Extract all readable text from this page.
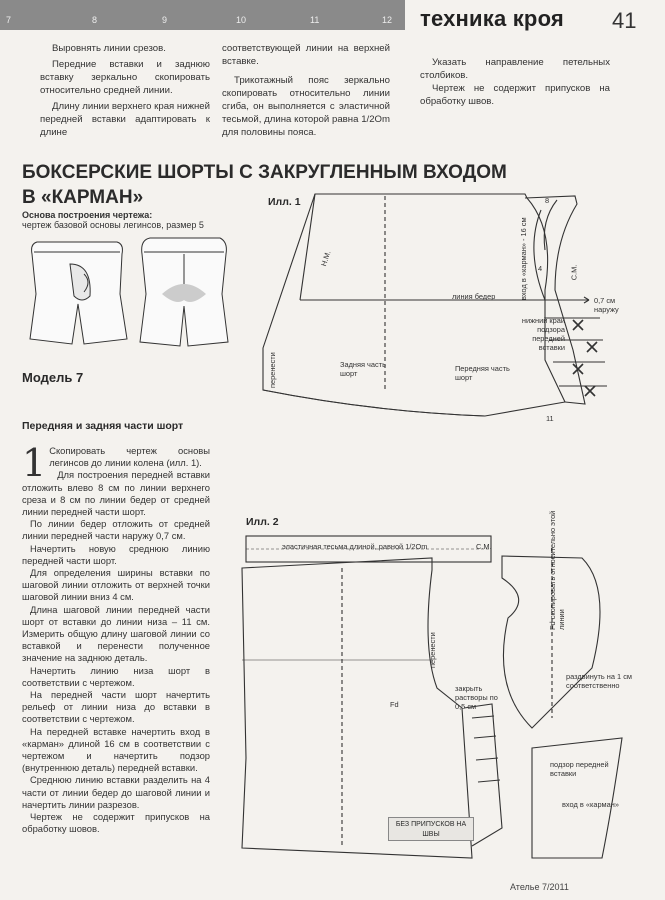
7	8	9	10	11	12 техника кроя 41

Выровнять линии срезов.

Передние вставки и заднюю вставку зеркально скопировать относительно средней линии.

Длину линии верхнего края нижней передней вставки адаптировать к длине

соответствующей линии на верхней вставке.

Трикотажный пояс зеркально скопировать относительно линии сгиба, он выполняется с эластичной тесьмой, длина которой равна 1/2Оm для половины пояса.

Указать направление петельных столбиков.

Чертеж не содержит припусков на обработку швов.

БОКСЕРСКИЕ ШОРТЫ С ЗАКРУГЛЕННЫМ ВХОДОМ
В «КАРМАН»
Основа построения чертежа:
чертеж базовой основы легинсов, размер 5
Модель 7
Передняя и задняя части шорт
1 Скопировать чертеж основы легинсов до линии колена (илл. 1).

Для построения передней вставки отложить влево 8 см по линии верхнего среза и 8 см по линии бедер от средней линии передней части шорт.

По линии бедер отложить от средней линии передней части наружу 0,7 см.

Начертить новую среднюю линию передней части шорт.

Для определения ширины вставки по шаговой линии отложить от верхней точки шаговой линии вниз 4 см.

Длина шаговой линии передней части шорт от вставки до линии низа – 11 см. Измерить общую длину шаговой линии со вставкой и перенести полученное значение на заднюю деталь.

Начертить линию низа шорт в соответствии с чертежом.

На передней части шорт начертить рельеф от линии низа до вставки в соответствии с чертежом.

На передней вставке начертить вход в «карман» длиной 16 см в соответствии с чертежом и начертить подзор (внутреннюю деталь) передней вставки.

Среднюю линию вставки разделить на 4 части от линии бедер до шаговой линии и начертить линии разрезов.

Чертеж не содержит припусков на обработку шовов.

Илл. 1
Задняя часть шорт
Передняя часть шорт
линия бедер
нижний край подзора передней вставки
0,7 см наружу
вход в «карман» - 16 см
8
4
11
Н.М.
С.М.
перенести
Илл. 2
эластичная тесьма длиной, равной 1/2Оm	С.М.
перенести
закрыть растворы по 0,5 см
Fd скопировать относительно этой линии
раздвинуть на 1 см соответственно
подзор передней вставки
вход в «карман»
Fd
БЕЗ ПРИПУСКОВ НА ШВЫ
Ателье 7/2011
